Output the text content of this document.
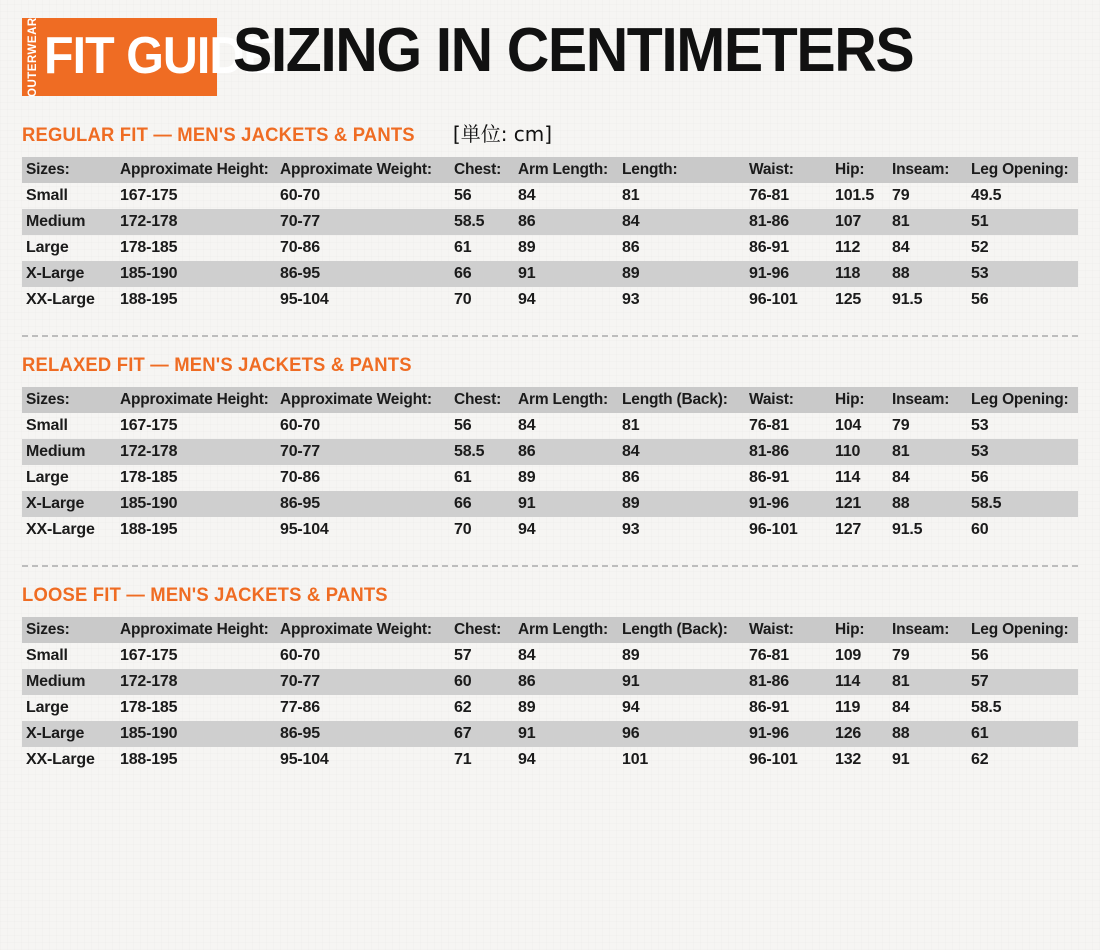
OUTERWEAR FIT GUIDE
SIZING IN CENTIMETERS
REGULAR FIT — MEN'S JACKETS & PANTS [単位: cm]
Sizes:	Approximate Height:	Approximate Weight:	Chest:	Arm Length:	Length:	Waist:	Hip:	Inseam:	Leg Opening:
Small	167-175	60-70	56	84	81	76-81	101.5	79	49.5
Medium	172-178	70-77	58.5	86	84	81-86	107	81	51
Large	178-185	70-86	61	89	86	86-91	112	84	52
X-Large	185-190	86-95	66	91	89	91-96	118	88	53
XX-Large	188-195	95-104	70	94	93	96-101	125	91.5	56
RELAXED FIT — MEN'S JACKETS & PANTS
Sizes:	Approximate Height:	Approximate Weight:	Chest:	Arm Length:	Length (Back):	Waist:	Hip:	Inseam:	Leg Opening:
Small	167-175	60-70	56	84	81	76-81	104	79	53
Medium	172-178	70-77	58.5	86	84	81-86	110	81	53
Large	178-185	70-86	61	89	86	86-91	114	84	56
X-Large	185-190	86-95	66	91	89	91-96	121	88	58.5
XX-Large	188-195	95-104	70	94	93	96-101	127	91.5	60
LOOSE FIT — MEN'S JACKETS & PANTS
Sizes:	Approximate Height:	Approximate Weight:	Chest:	Arm Length:	Length (Back):	Waist:	Hip:	Inseam:	Leg Opening:
Small	167-175	60-70	57	84	89	76-81	109	79	56
Medium	172-178	70-77	60	86	91	81-86	114	81	57
Large	178-185	77-86	62	89	94	86-91	119	84	58.5
X-Large	185-190	86-95	67	91	96	91-96	126	88	61
XX-Large	188-195	95-104	71	94	101	96-101	132	91	62
